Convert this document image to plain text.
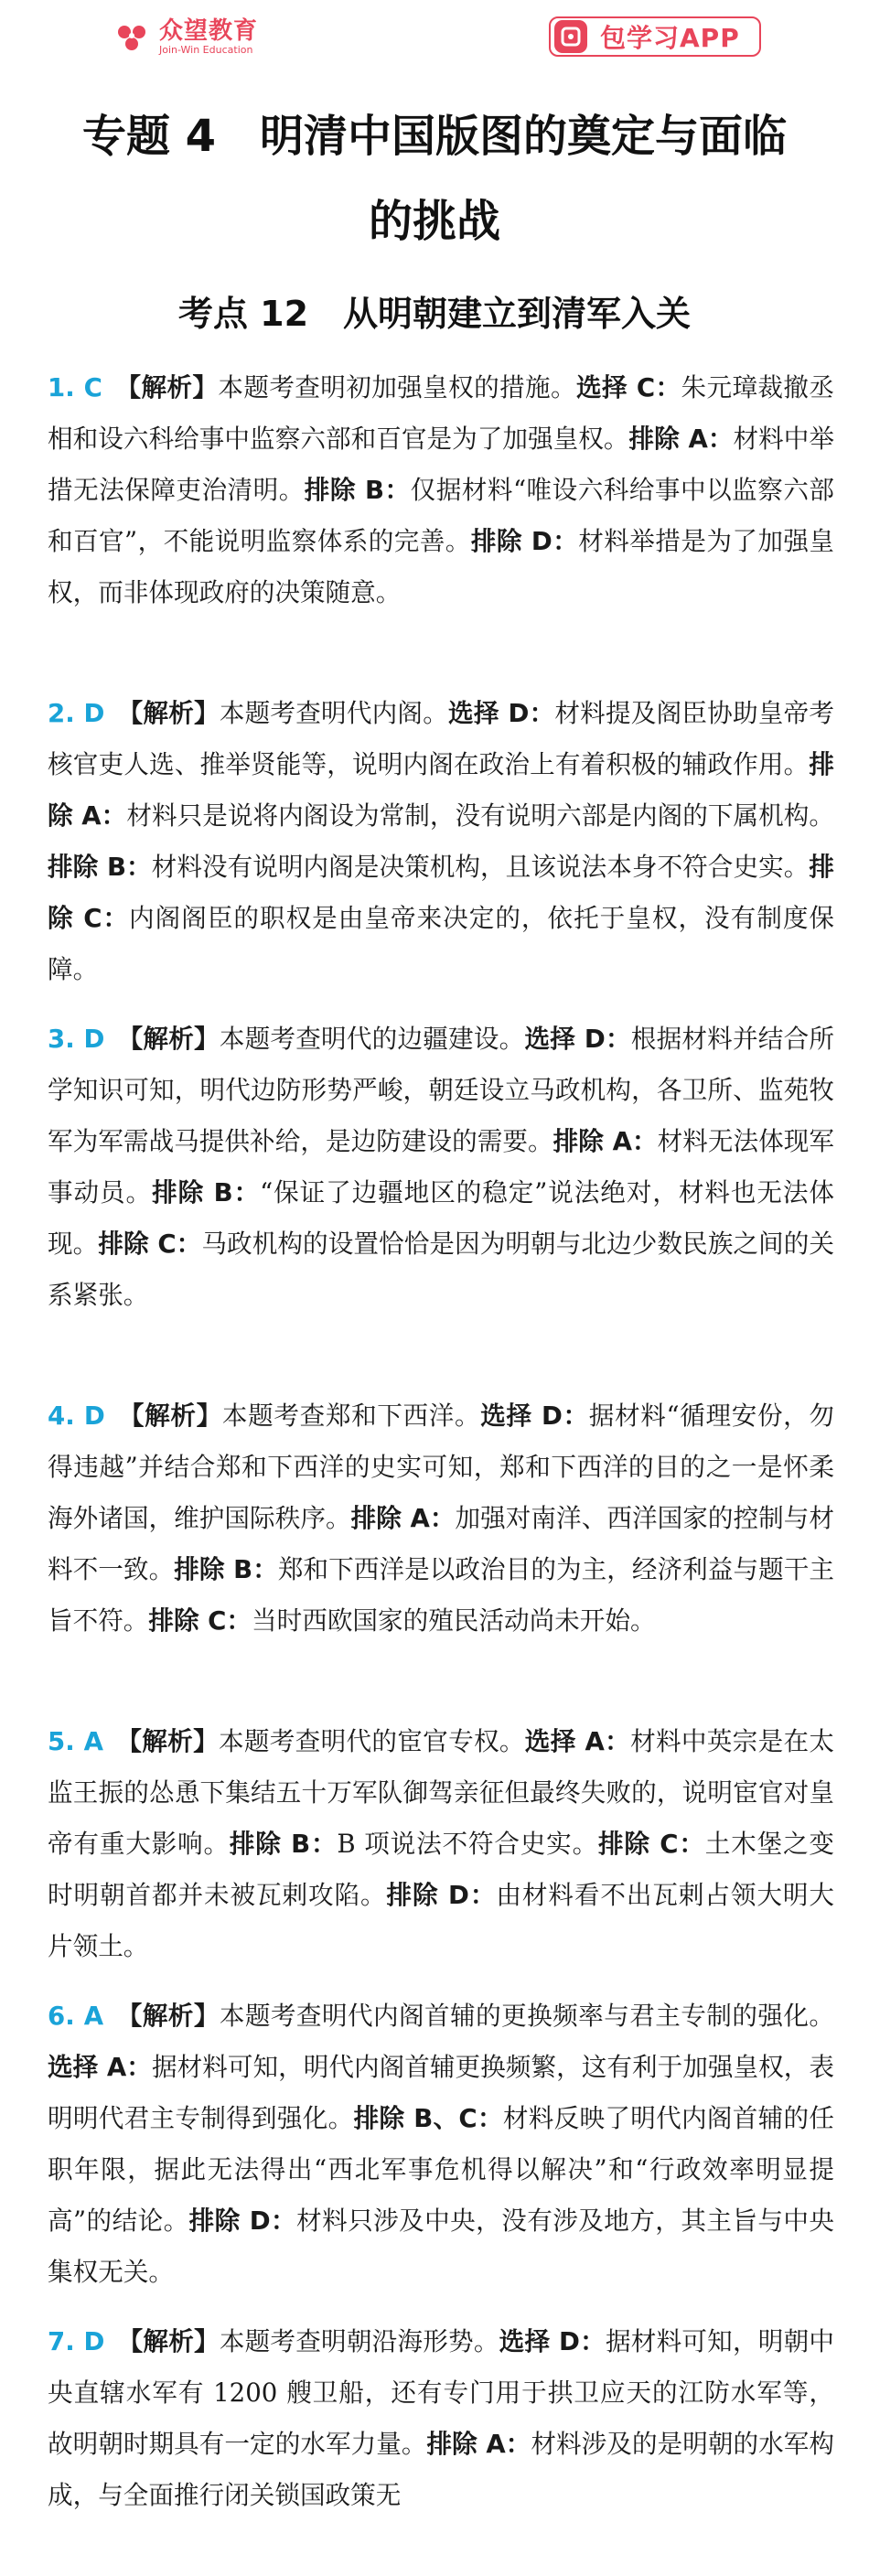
众望教育
Join-Win Education	包学习APP
专题 4　明清中国版图的奠定与面临
的挑战
考点 12　从明朝建立到清军入关

1. C　 【解析】本题考查明初加强皇权的措施。选择 C：朱元璋裁撤丞相和设六科给事中监察六部和百官是为了加强皇权。排除 A：材料中举措无法保障吏治清明。排除 B：仅据材料“唯设六科给事中以监察六部和百官”，不能说明监察体系的完善。排除 D：材料举措是为了加强皇权，而非体现政府的决策随意。

2. D　 【解析】本题考查明代内阁。选择 D：材料提及阁臣协助皇帝考核官吏人选、推举贤能等，说明内阁在政治上有着积极的辅政作用。排除 A：材料只是说将内阁设为常制，没有说明六部是内阁的下属机构。排除 B：材料没有说明内阁是决策机构，且该说法本身不符合史实。排除 C：内阁阁臣的职权是由皇帝来决定的，依托于皇权，没有制度保障。

3. D　 【解析】本题考查明代的边疆建设。选择 D：根据材料并结合所学知识可知，明代边防形势严峻，朝廷设立马政机构，各卫所、监苑牧军为军需战马提供补给，是边防建设的需要。排除 A：材料无法体现军事动员。排除 B：“保证了边疆地区的稳定”说法绝对，材料也无法体现。排除 C：马政机构的设置恰恰是因为明朝与北边少数民族之间的关系紧张。

4. D　 【解析】本题考查郑和下西洋。选择 D：据材料“循理安份，勿得违越”并结合郑和下西洋的史实可知，郑和下西洋的目的之一是怀柔海外诸国，维护国际秩序。排除 A：加强对南洋、西洋国家的控制与材料不一致。排除 B：郑和下西洋是以政治目的为主，经济利益与题干主旨不符。排除 C：当时西欧国家的殖民活动尚未开始。

5. A　 【解析】本题考查明代的宦官专权。选择 A：材料中英宗是在太监王振的怂恿下集结五十万军队御驾亲征但最终失败的，说明宦官对皇帝有重大影响。排除 B：B 项说法不符合史实。排除 C：土木堡之变时明朝首都并未被瓦剌攻陷。排除 D：由材料看不出瓦剌占领大明大片领土。

6. A　 【解析】本题考查明代内阁首辅的更换频率与君主专制的强化。选择 A：据材料可知，明代内阁首辅更换频繁，这有利于加强皇权，表明明代君主专制得到强化。排除 B、C：材料反映了明代内阁首辅的任职年限，据此无法得出“西北军事危机得以解决”和“行政效率明显提高”的结论。排除 D：材料只涉及中央，没有涉及地方，其主旨与中央集权无关。

7. D　 【解析】本题考查明朝沿海形势。选择 D：据材料可知，明朝中央直辖水军有 1200 艘卫船，还有专门用于拱卫应天的江防水军等，故明朝时期具有一定的水军力量。排除 A：材料涉及的是明朝的水军构成，与全面推行闭关锁国政策无
